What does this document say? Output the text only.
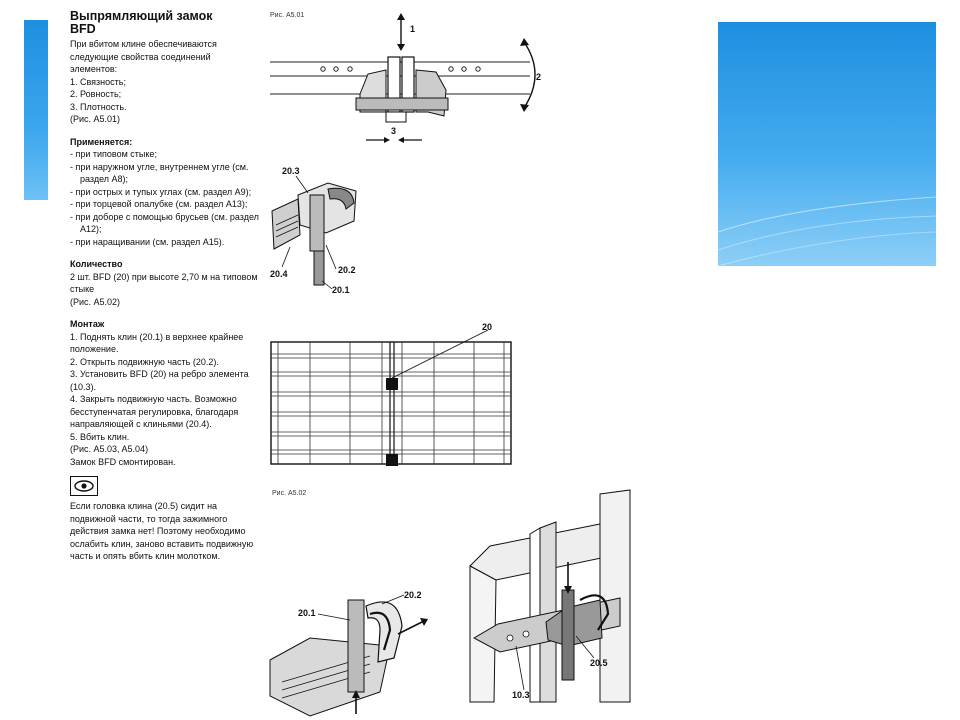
Выпрямляющий замок
BFD
При вбитом клине обеспечиваются следующие свойства соединений элементов:
1. Связность;
2. Ровность;
3. Плотность.
(Рис. A5.01)
Применяется:
- при типовом стыке;
- при наружном угле, внутреннем угле (см. раздел A8);
- при острых и тупых углах (см. раздел A9);
- при торцевой опалубке (см. раздел A13);
- при доборе с помощью брусьев (см. раздел A12);
- при наращивании (см. раздел A15).
Количество
2 шт. BFD (20) при высоте 2,70 м на типовом стыке
(Рис. A5.02)
Монтаж
1. Поднять клин (20.1) в верхнее крайнее положение.
2. Открыть подвижную часть (20.2).
3. Установить BFD (20) на ребро элемента (10.3).
4. Закрыть подвижную часть. Возможно бесступенчатая регулировка, благодаря направляющей с клиньями (20.4).
5. Вбить клин.
(Рис. A5.03, A5.04)
Замок BFD смонтирован.
Если головка клина (20.5) сидит на подвижной части, то тогда зажимного действия замка нет! Поэтому необходимо ослабить клин, заново вставить подвижную часть и опять вбить клин молотком.
Рис. A5.01
1
2
3
20.3
20.4	20.2
20.1
20
Рис. A5.02
20.1
20.2
20.5
10.3
